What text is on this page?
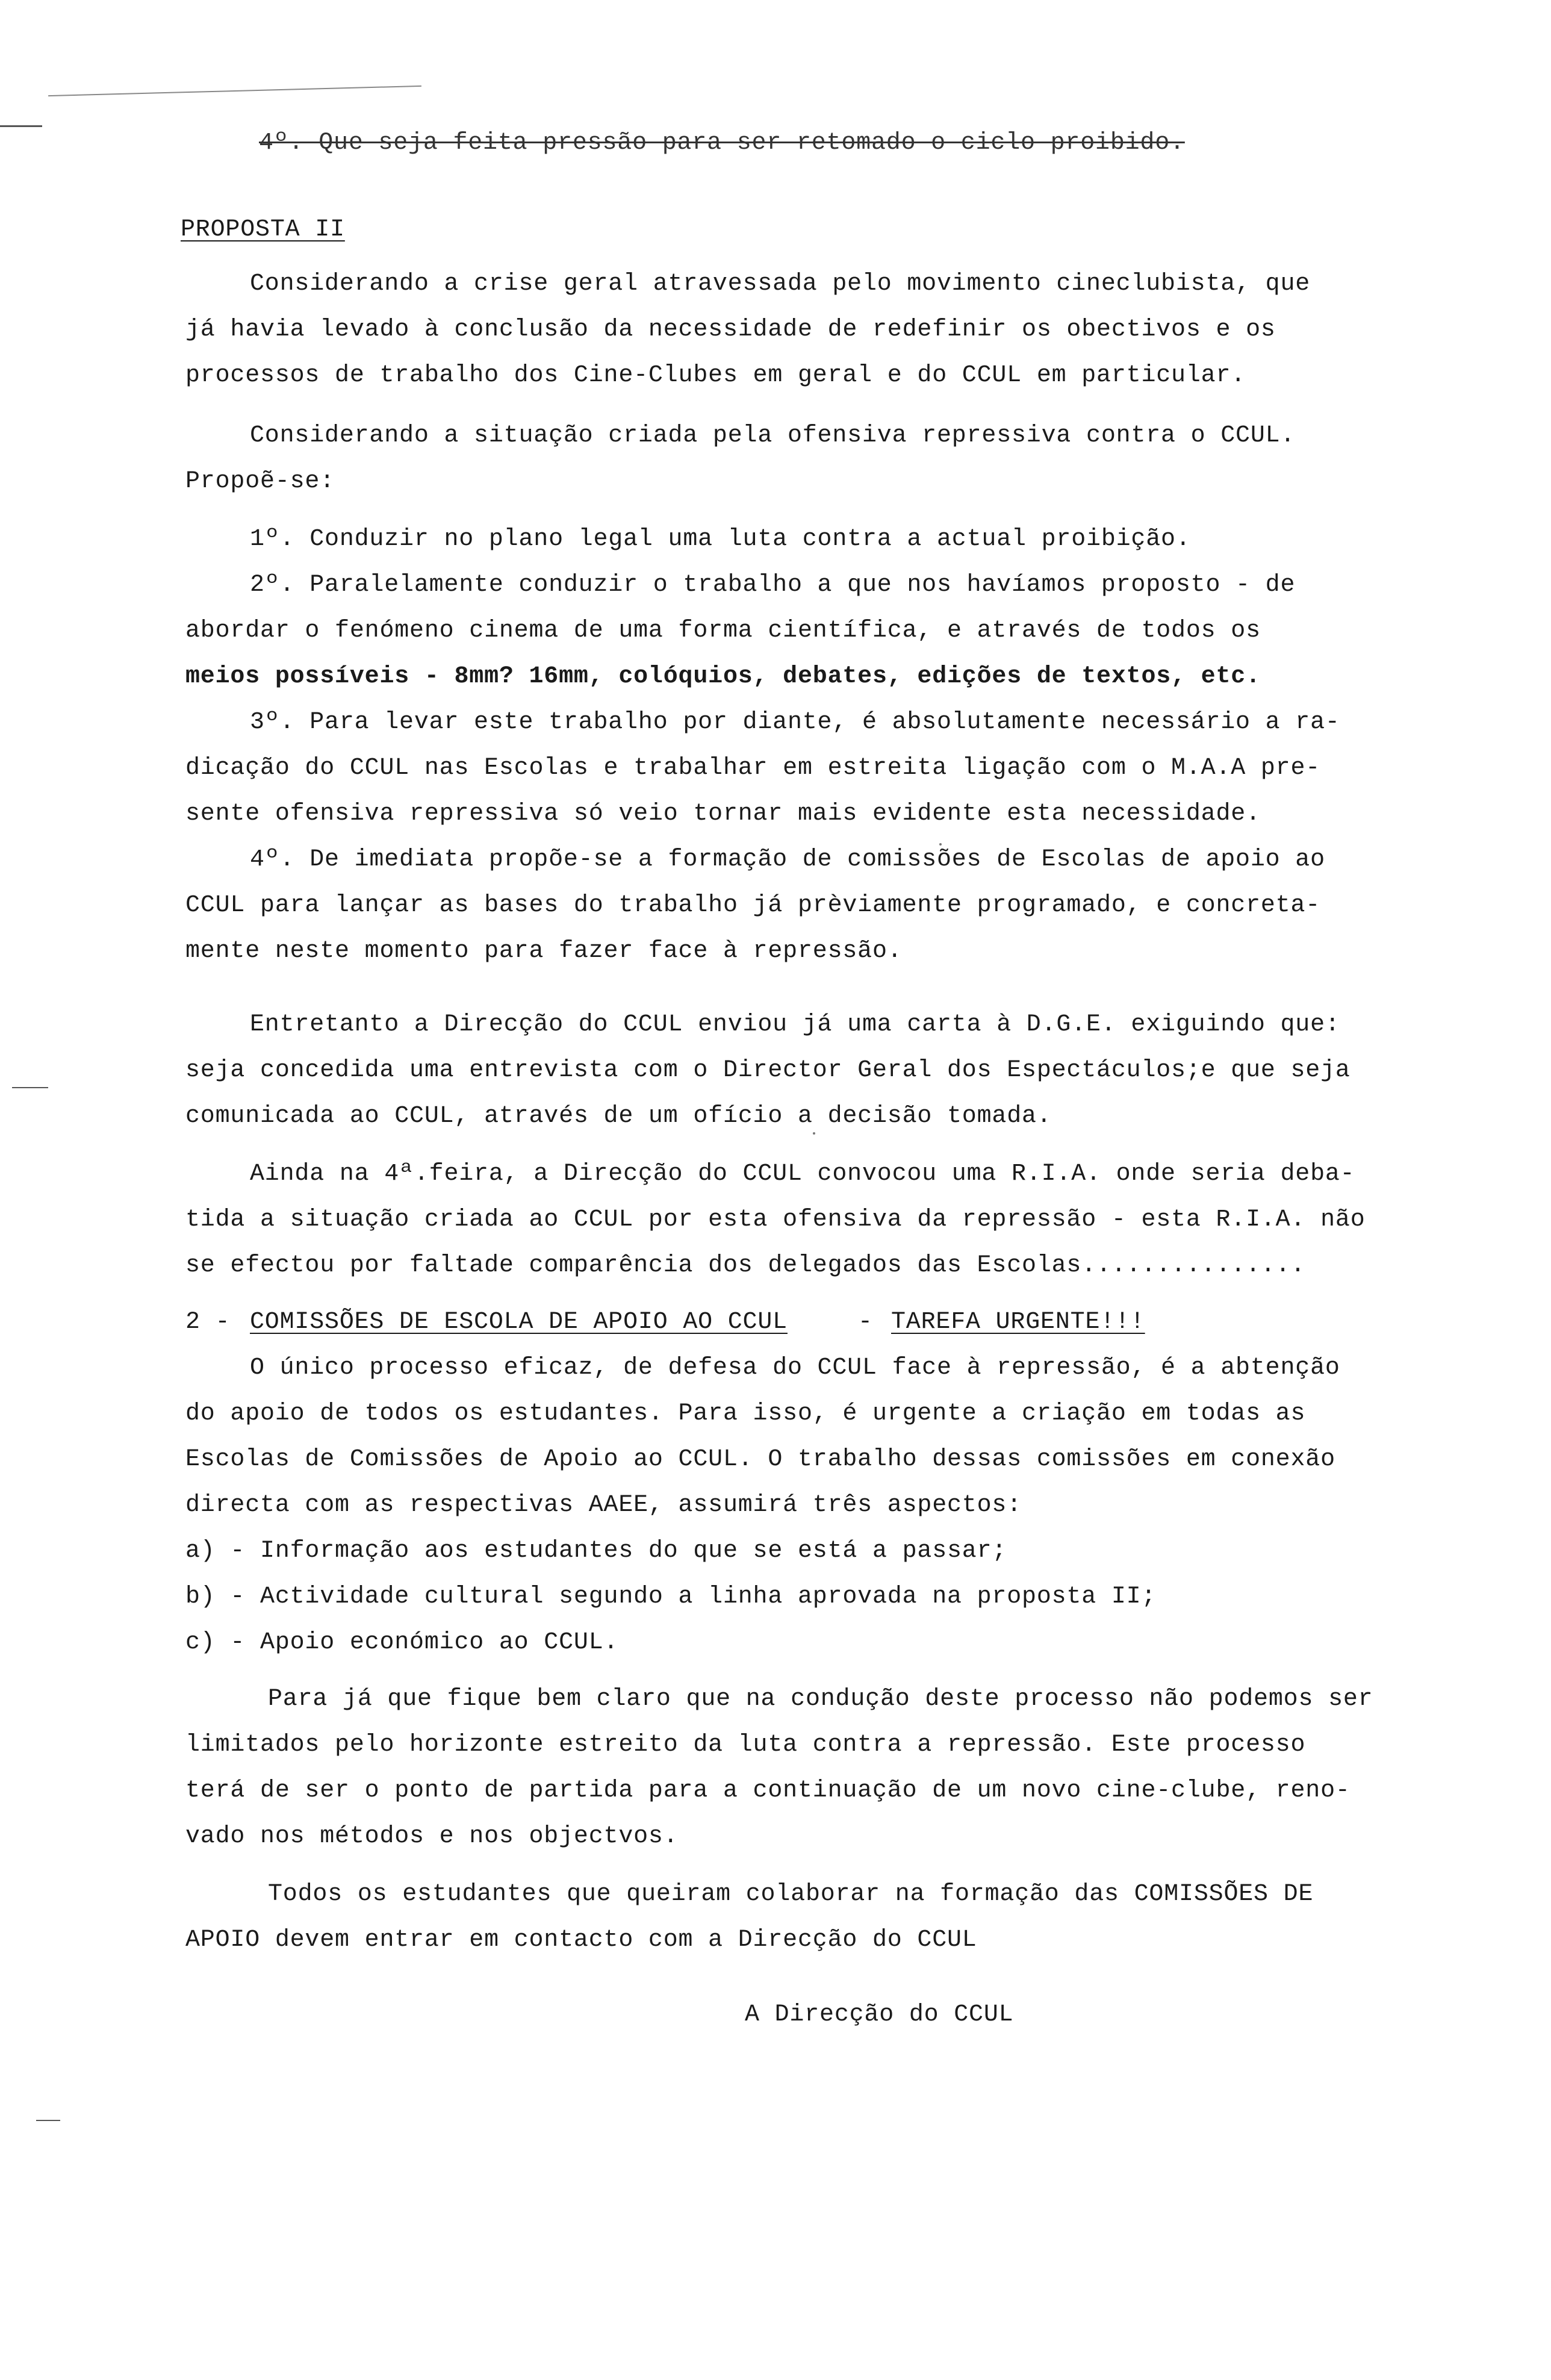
4º. Que seja feita pressão para ser retomado o ciclo proibido.
PROPOSTA II
Considerando a crise geral atravessada pelo movimento cineclubista, que
já havia levado à conclusão da necessidade de redefinir os obectivos e os
processos de trabalho dos Cine-Clubes em geral e do CCUL em particular.
Considerando a situação criada pela ofensiva repressiva contra o CCUL.
Propoẽ-se:
1º. Conduzir no plano legal uma luta contra a actual proibição.
2º. Paralelamente conduzir o trabalho a que nos havíamos proposto - de
abordar o fenómeno cinema de uma forma científica, e através de todos os
meios possíveis - 8mm? 16mm, colóquios, debates, edições de textos, etc.
3º. Para levar este trabalho por diante, é absolutamente necessário a ra-
dicação do CCUL nas Escolas e trabalhar em estreita ligação com o M.A.A pre-
sente ofensiva repressiva só veio tornar mais evidente esta necessidade.
4º. De imediata propõe-se a formação de comissões de Escolas de apoio ao
CCUL para lançar as bases do trabalho já prèviamente programado, e concreta-
mente neste momento para fazer face à repressão.
Entretanto a Direcção do CCUL enviou já uma carta à D.G.E. exiguindo que:
seja concedida uma entrevista com o Director Geral dos Espectáculos;e que seja
comunicada ao CCUL, através de um ofício a decisão tomada.
Ainda na 4ª.feira, a Direcção do CCUL convocou uma R.I.A. onde seria deba-
tida a situação criada ao CCUL por esta ofensiva da repressão - esta R.I.A. não
se efectou por faltade comparência dos delegados das Escolas...............
2 - COMISSÕES DE ESCOLA DE APOIO AO CCUL	- TAREFA URGENTE!!!
O único processo eficaz, de defesa do CCUL face à repressão, é a abtenção
do apoio de todos os estudantes. Para isso, é urgente a criação em todas as
Escolas de Comissões de Apoio ao CCUL. O trabalho dessas comissões em conexão
directa com as respectivas AAEE, assumirá três aspectos:
a) - Informação aos estudantes do que se está a passar;
b) - Actividade cultural segundo a linha aprovada na proposta II;
c) - Apoio económico ao CCUL.
Para já que fique bem claro que na condução deste processo não podemos ser
limitados pelo horizonte estreito da luta contra a repressão. Este processo
terá de ser o ponto de partida para a continuação de um novo cine-clube, reno-
vado nos métodos e nos objectvos.
Todos os estudantes que queiram colaborar na formação das COMISSÕES DE
APOIO devem entrar em contacto com a Direcção do CCUL
A Direcção do CCUL
